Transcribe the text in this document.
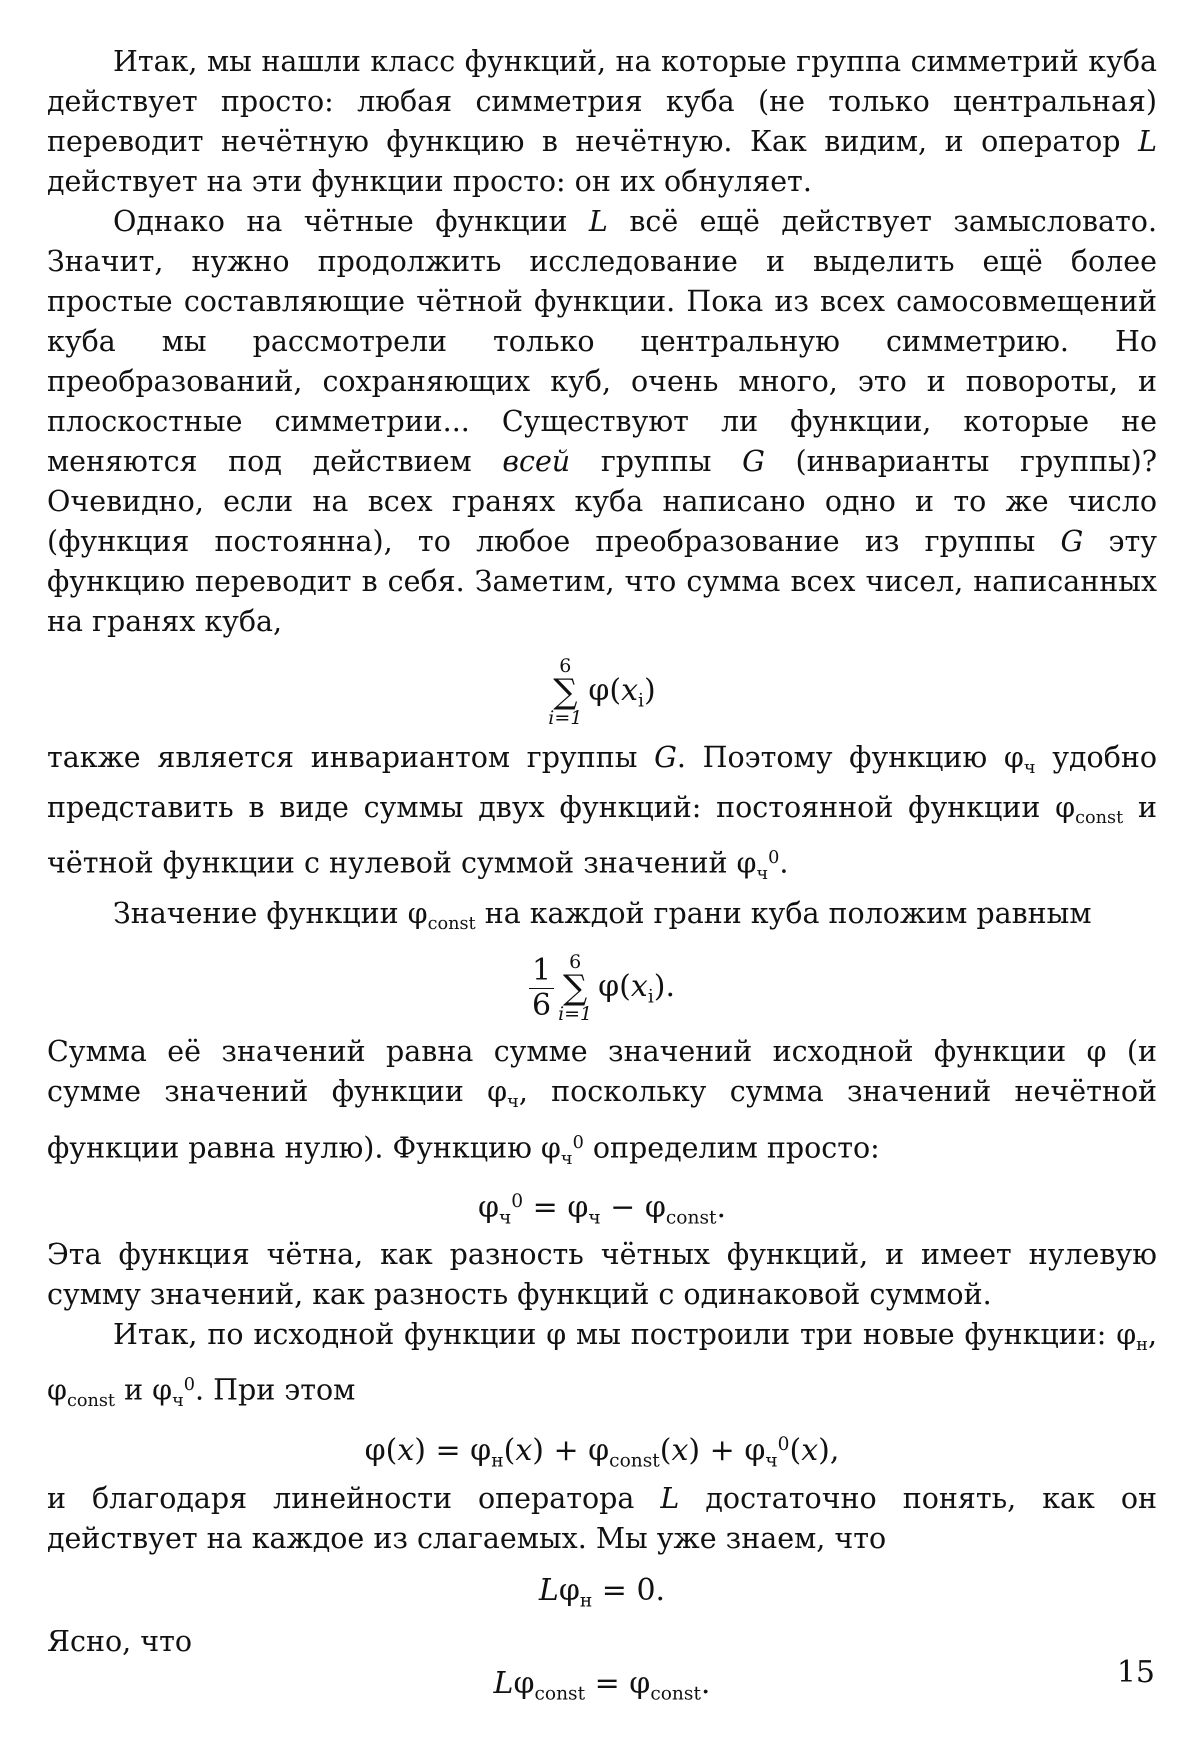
Итак, мы нашли класс функций, на которые группа симметрий куба действует просто: любая симметрия куба (не только центральная) переводит нечётную функцию в нечётную. Как видим, и оператор L действует на эти функции просто: он их обнуляет.

Однако на чётные функции L всё ещё действует замысловато. Значит, нужно продолжить исследование и выделить ещё более простые составляющие чётной функции. Пока из всех самосовмещений куба мы рассмотрели только центральную симметрию. Но преобразований, сохраняющих куб, очень много, это и повороты, и плоскостные симметрии... Существуют ли функции, которые не меняются под действием всей группы G (инварианты группы)? Очевидно, если на всех гранях куба написано одно и то же число (функция постоянна), то любое преобразование из группы G эту функцию переводит в себя. Заметим, что сумма всех чисел, написанных на гранях куба,

6
∑
i=1
$\varphi(x_i)$

также является инвариантом группы G. Поэтому функцию $\varphi_ч$ удобно представить в виде суммы двух функций: постоянной функции $\varphi_{const}$ и чётной функции с нулевой суммой значений $\varphi_ч^0$.

Значение функции $\varphi_{const}$ на каждой грани куба положим равным

$\frac{1}{6} 6$
∑
i=1
$\varphi(x_i)$.

Сумма её значений равна сумме значений исходной функции φ (и сумме значений функции $\varphi_ч$, поскольку сумма значений нечётной функции равна нулю). Функцию $\varphi_ч^0$ определим просто:

$\varphi_ч^0 = \varphi_ч - \varphi_{const}$.

Эта функция чётна, как разность чётных функций, и имеет нулевую сумму значений, как разность функций с одинаковой суммой.

Итак, по исходной функции φ мы построили три новые функции: $\varphi_н$, $\varphi_{const}$ и $\varphi_ч^0$. При этом

$\varphi(x) = \varphi_н(x) + \varphi_{const}(x) + \varphi_ч^0(x)$,

и благодаря линейности оператора L достаточно понять, как он действует на каждое из слагаемых. Мы уже знаем, что

$L\varphi_н = 0$.

Ясно, что

$L\varphi_{const} = \varphi_{const}$.	15
